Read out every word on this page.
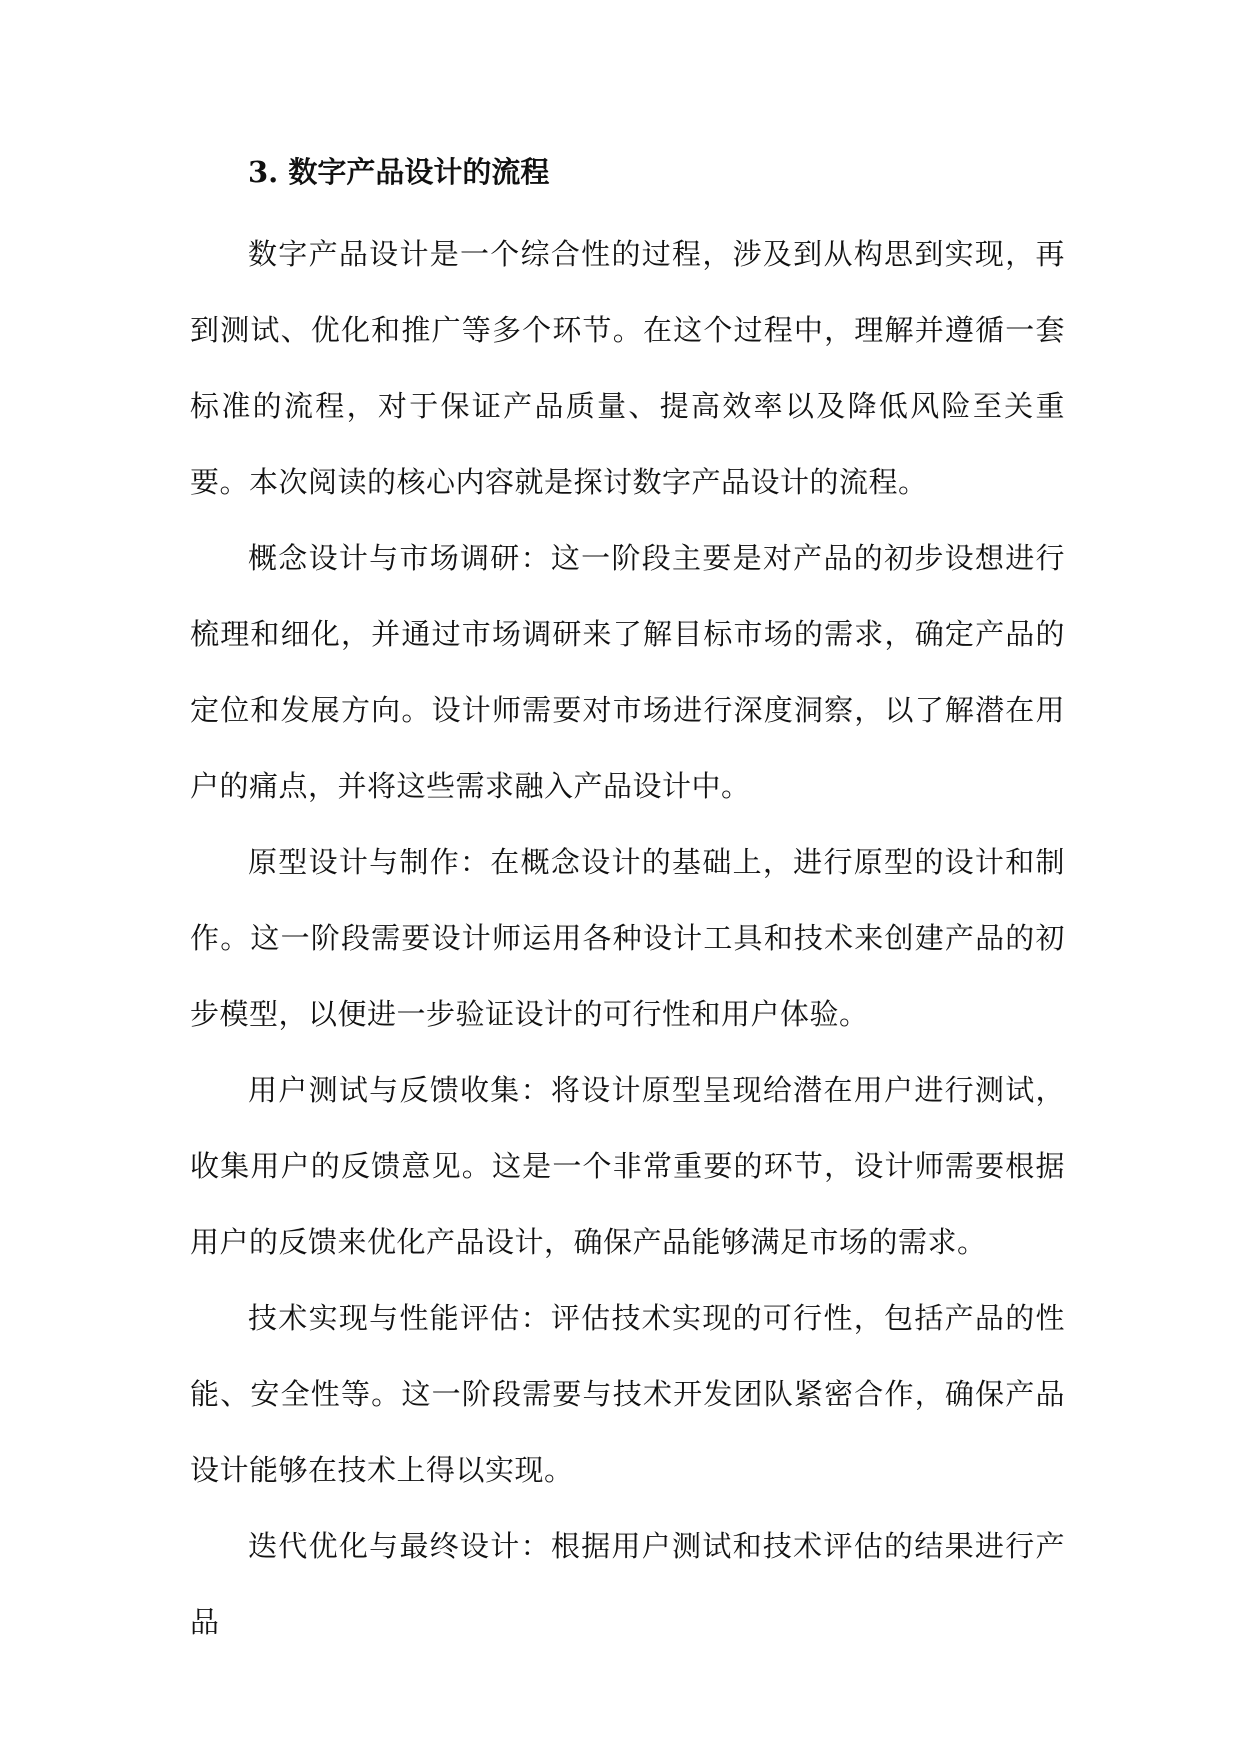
3. 数字产品设计的流程

数字产品设计是一个综合性的过程，涉及到从构思到实现，再到测试、优化和推广等多个环节。在这个过程中，理解并遵循一套标准的流程，对于保证产品质量、提高效率以及降低风险至关重要。本次阅读的核心内容就是探讨数字产品设计的流程。

概念设计与市场调研：这一阶段主要是对产品的初步设想进行梳理和细化，并通过市场调研来了解目标市场的需求，确定产品的定位和发展方向。设计师需要对市场进行深度洞察，以了解潜在用户的痛点，并将这些需求融入产品设计中。

原型设计与制作：在概念设计的基础上，进行原型的设计和制作。这一阶段需要设计师运用各种设计工具和技术来创建产品的初步模型，以便进一步验证设计的可行性和用户体验。

用户测试与反馈收集：将设计原型呈现给潜在用户进行测试，收集用户的反馈意见。这是一个非常重要的环节，设计师需要根据用户的反馈来优化产品设计，确保产品能够满足市场的需求。

技术实现与性能评估：评估技术实现的可行性，包括产品的性能、安全性等。这一阶段需要与技术开发团队紧密合作，确保产品设计能够在技术上得以实现。

迭代优化与最终设计：根据用户测试和技术评估的结果进行产品
